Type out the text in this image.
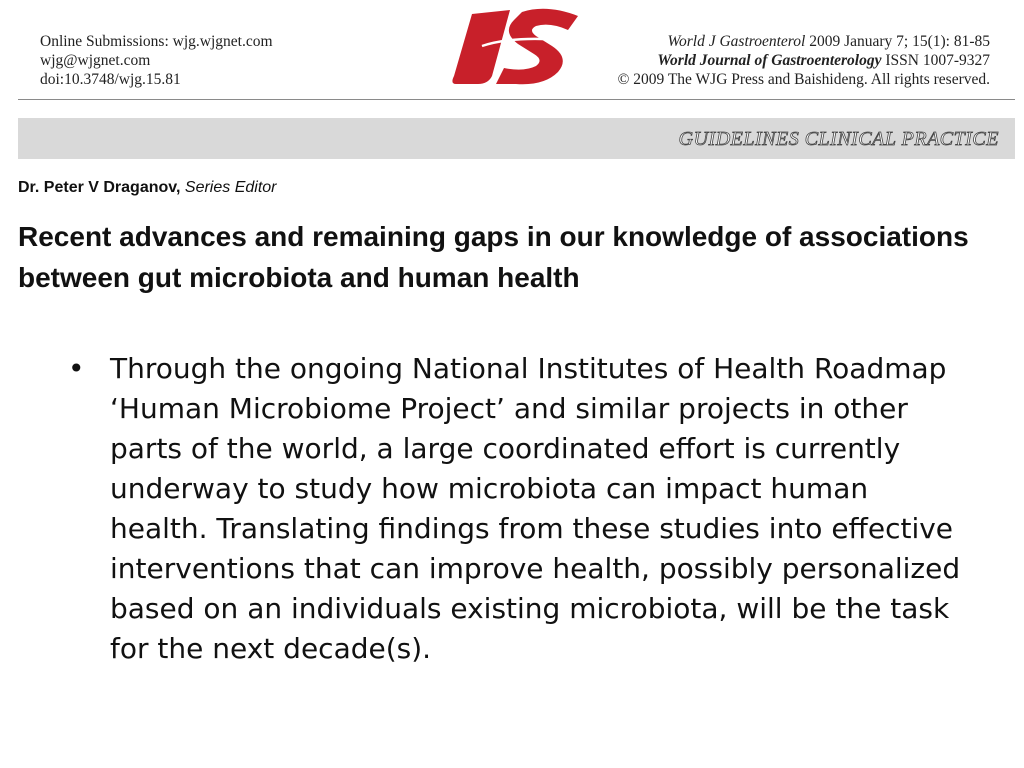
Online Submissions: wjg.wjgnet.com
wjg@wjgnet.com
doi:10.3748/wjg.15.81
World J Gastroenterol 2009 January 7; 15(1): 81-85
World Journal of Gastroenterology ISSN 1007-9327
© 2009 The WJG Press and Baishideng. All rights reserved.
GUIDELINES CLINICAL PRACTICE
Dr. Peter V Draganov, Series Editor
Recent advances and remaining gaps in our knowledge of associations between gut microbiota and human health
• Through the ongoing National Institutes of Health Roadmap ‘Human Microbiome Project’ and similar projects in other parts of the world, a large coordinated effort is currently underway to study how microbiota can impact human health. Translating findings from these studies into effective interventions that can improve health, possibly personalized based on an individuals existing microbiota, will be the task for the next decade(s).
